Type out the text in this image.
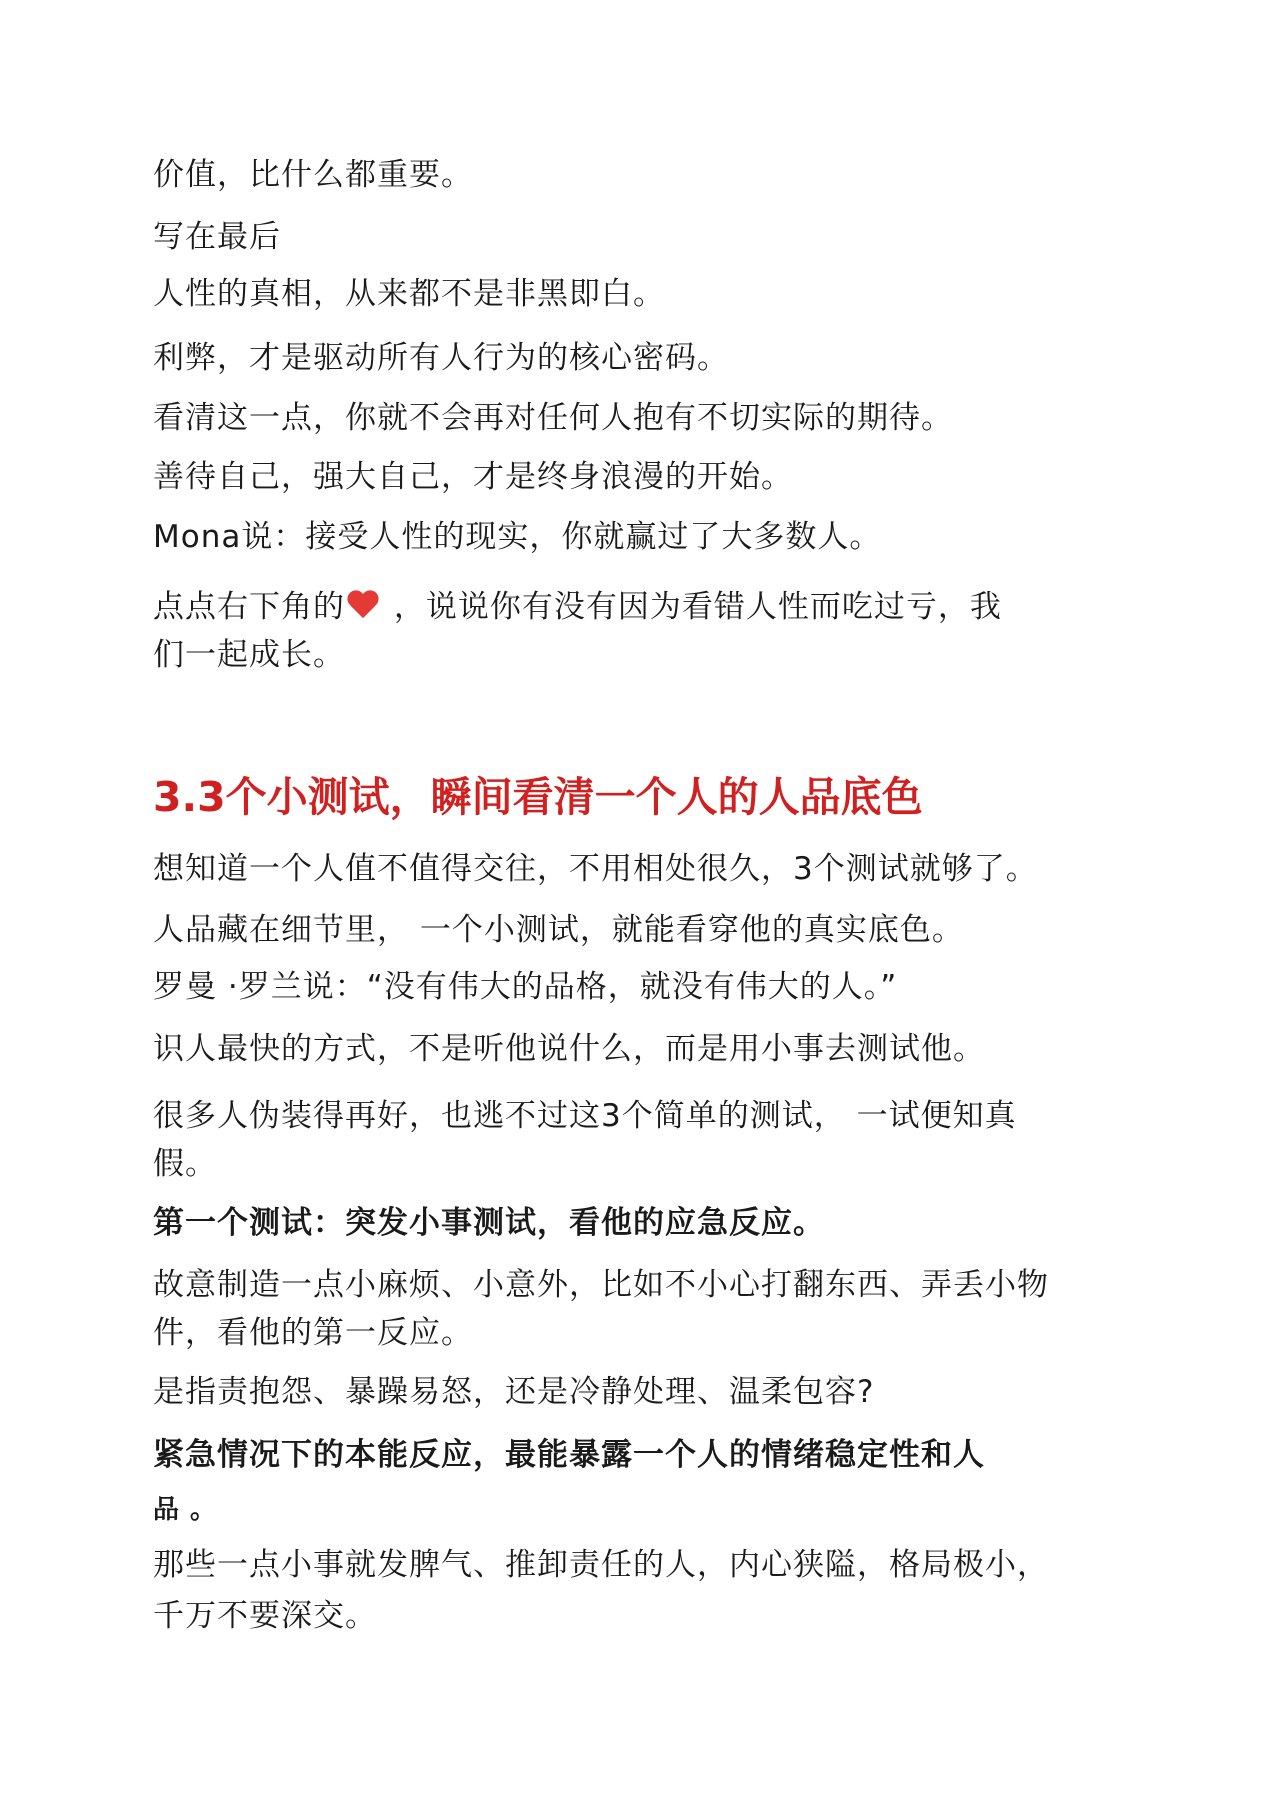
价值，比什么都重要。
写在最后
人性的真相，从来都不是非黑即白。
利弊，才是驱动所有人行为的核心密码。
看清这一点，你就不会再对任何人抱有不切实际的期待。
善待自己，强大自己，才是终身浪漫的开始。
Mona说：接受人性的现实，你就赢过了大多数人。
点点右下角的 ，说说你有没有因为看错人性而吃过亏，我
们一起成长。
3.3个小测试，瞬间看清一个人的人品底色
想知道一个人值不值得交往，不用相处很久，3个测试就够了。
人品藏在细节里， 一个小测试，就能看穿他的真实底色。
罗曼 ·罗兰说：“没有伟大的品格，就没有伟大的人。”
识人最快的方式，不是听他说什么，而是用小事去测试他。
很多人伪装得再好，也逃不过这3个简单的测试， 一试便知真
假。
第一个测试：突发小事测试，看他的应急反应。
故意制造一点小麻烦、小意外，比如不小心打翻东西、弄丢小物
件，看他的第一反应。
是指责抱怨、暴躁易怒，还是冷静处理、温柔包容?
紧急情况下的本能反应，最能暴露一个人的情绪稳定性和人
品 。
那些一点小事就发脾气、推卸责任的人，内心狭隘，格局极小，
千万不要深交。
